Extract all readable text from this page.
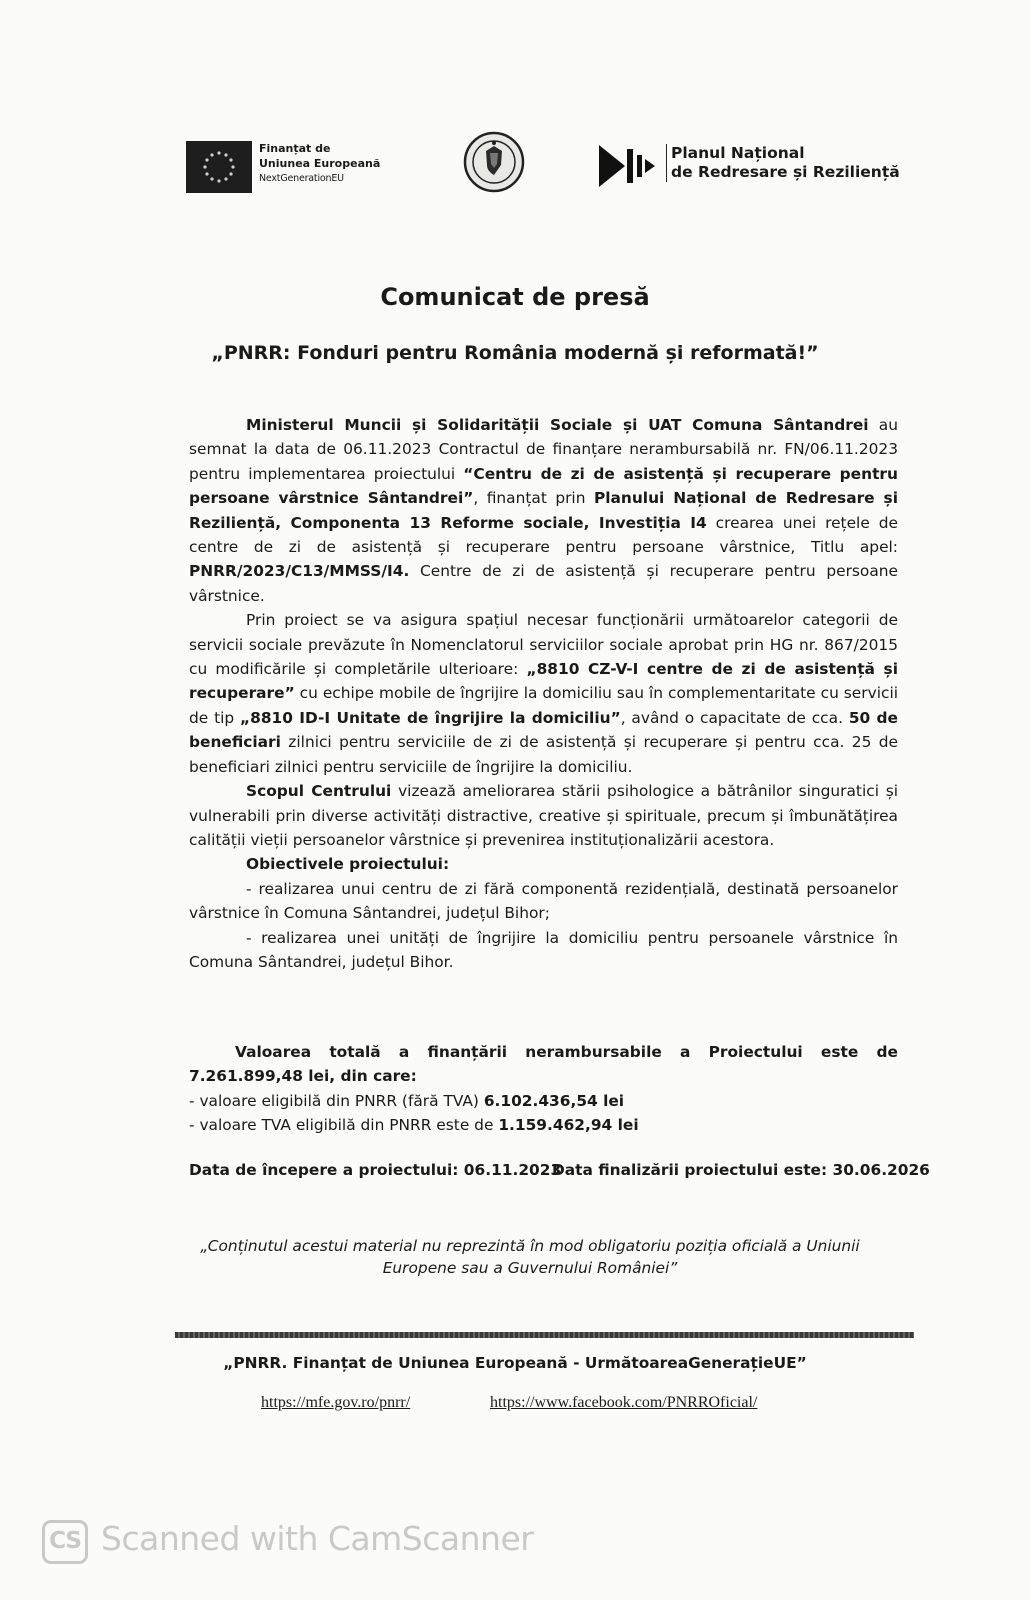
Finanțat de
Uniunea Europeană
NextGenerationEU
Planul Național
de Redresare și Reziliență
Comunicat de presă
„PNRR: Fonduri pentru România modernă și reformată!”

Ministerul Muncii și Solidarității Sociale și UAT Comuna Sântandrei au semnat la data de 06.11.2023 Contractul de finanțare nerambursabilă nr. FN/06.11.2023 pentru implementarea proiectului “Centru de zi de asistență și recuperare pentru persoane vârstnice Sântandrei”, finanțat prin Planului Național de Redresare și Reziliență, Componenta 13 Reforme sociale, Investiția I4 crearea unei rețele de centre de zi de asistență și recuperare pentru persoane vârstnice, Titlu apel: PNRR/2023/C13/MMSS/I4. Centre de zi de asistență și recuperare pentru persoane vârstnice.

Prin proiect se va asigura spațiul necesar funcționării următoarelor categorii de servicii sociale prevăzute în Nomenclatorul serviciilor sociale aprobat prin HG nr. 867/2015 cu modificările și completările ulterioare: „8810 CZ-V-I centre de zi de asistență și recuperare” cu echipe mobile de îngrijire la domiciliu sau în complementaritate cu servicii de tip „8810 ID-I Unitate de îngrijire la domiciliu”, având o capacitate de cca. 50 de beneficiari zilnici pentru serviciile de zi de asistență și recuperare și pentru cca. 25 de beneficiari zilnici pentru serviciile de îngrijire la domiciliu.

Scopul Centrului vizează ameliorarea stării psihologice a bătrânilor singuratici și vulnerabili prin diverse activități distractive, creative și spirituale, precum și îmbunătățirea calității vieții persoanelor vârstnice și prevenirea instituționalizării acestora.

Obiectivele proiectului:

- realizarea unui centru de zi fără componentă rezidențială, destinată persoanelor vârstnice în Comuna Sântandrei, județul Bihor;

- realizarea unei unități de îngrijire la domiciliu pentru persoanele vârstnice în Comuna Sântandrei, județul Bihor.

Valoarea totală a finanțării nerambursabile a Proiectului este de 7.261.899,48 lei, din care:

- valoare eligibilă din PNRR (fără TVA) 6.102.436,54 lei

- valoare TVA eligibilă din PNRR este de 1.159.462,94 lei

Data de începere a proiectului: 06.11.2023
Data finalizării proiectului este: 30.06.2026
„Conținutul acestui material nu reprezintă în mod obligatoriu poziția oficială a Uniunii Europene sau a Guvernului României”
„PNRR. Finanțat de Uniunea Europeană - UrmătoareaGenerațieUE”
https://mfe.gov.ro/pnrr/	https://www.facebook.com/PNRROficial/
CS Scanned with CamScanner
